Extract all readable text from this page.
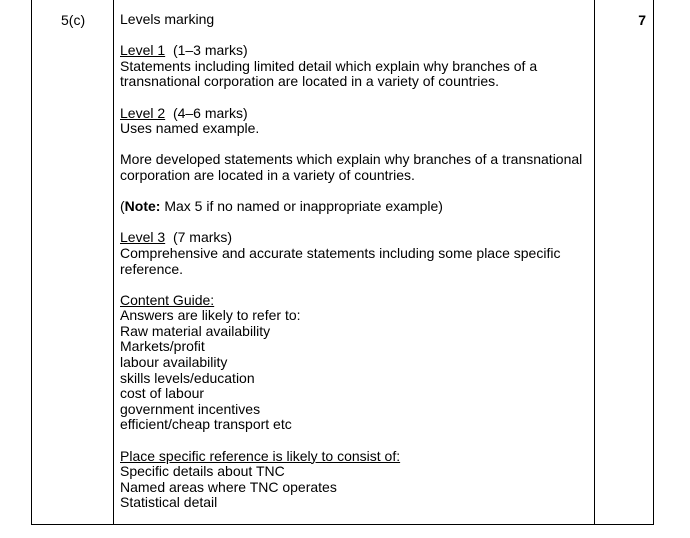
5(c)	7

Levels marking

Level 1 (1–3 marks)

Statements including limited detail which explain why branches of a transnational corporation are located in a variety of countries.

Level 2 (4–6 marks)

Uses named example.

More developed statements which explain why branches of a transnational corporation are located in a variety of countries.

(Note: Max 5 if no named or inappropriate example)

Level 3 (7 marks)

Comprehensive and accurate statements including some place specific reference.

Content Guide:

Answers are likely to refer to:

Raw material availability

Markets/profit

labour availability

skills levels/education

cost of labour

government incentives

efficient/cheap transport etc

Place specific reference is likely to consist of:

Specific details about TNC

Named areas where TNC operates

Statistical detail
